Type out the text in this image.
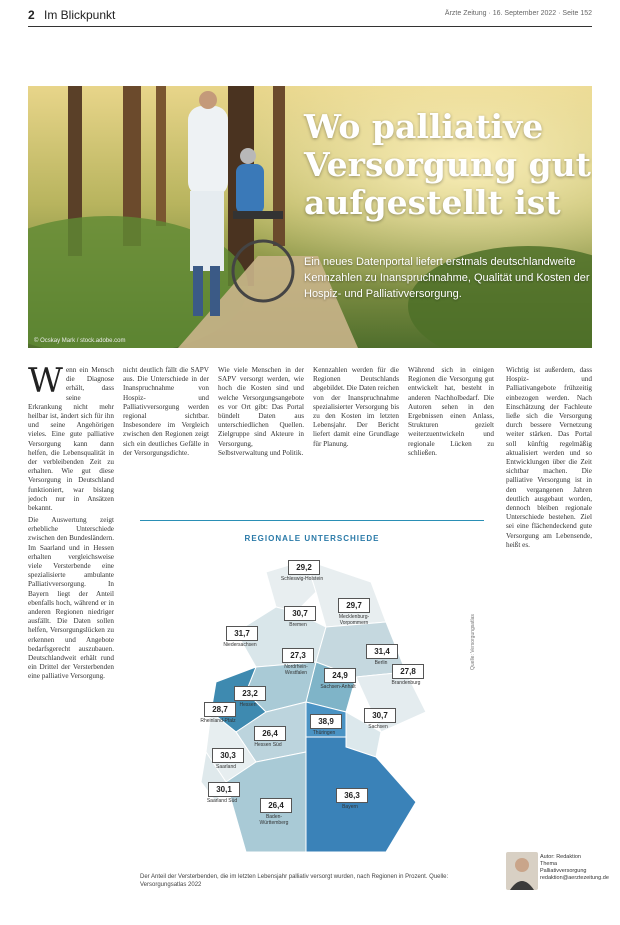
2 Im Blickpunkt	Ärzte Zeitung · 16. September 2022 · Seite 152
© Ocskay Mark / stock.adobe.com
Wo palliative Versorgung gut aufgestellt ist
Ein neues Datenportal liefert erstmals deutschlandweite Kennzahlen zu Inanspruchnahme, Qualität und Kosten der Hospiz- und Palliativversorgung.
W enn ein Mensch die Diagnose erhält, dass seine Erkrankung nicht mehr heilbar ist, ändert sich für ihn und seine Angehörigen vieles. Eine gute palliative Versorgung kann dann helfen, die Lebensqualität in der verbleibenden Zeit zu erhalten. Wie gut diese Versorgung in Deutschland funktioniert, war bislang jedoch nur in Ansätzen bekannt.
nicht deutlich fällt die SAPV aus. Die Unterschiede in der Inanspruchnahme von Hospiz- und Palliativversorgung werden regional sichtbar. Insbesondere im Vergleich zwischen den Regionen zeigt sich ein deutliches Gefälle in der Versorgungsdichte.
Wie viele Menschen in der SAPV versorgt werden, wie hoch die Kosten sind und welche Versorgungsangebote es vor Ort gibt: Das Portal bündelt Daten aus unterschiedlichen Quellen. Zielgruppe sind Akteure in Versorgung, Selbstverwaltung und Politik.
Kennzahlen werden für die Regionen Deutschlands abgebildet. Die Daten reichen von der Inanspruchnahme spezialisierter Versorgung bis zu den Kosten im letzten Lebensjahr. Der Bericht liefert damit eine Grundlage für Planung.
Während sich in einigen Regionen die Versorgung gut entwickelt hat, besteht in anderen Nachholbedarf. Die Autoren sehen in den Ergebnissen einen Anlass, Strukturen gezielt weiterzuentwickeln und regionale Lücken zu schließen.
Die Auswertung zeigt erhebliche Unterschiede zwischen den Bundesländern. Im Saarland und in Hessen erhalten vergleichsweise viele Versterbende eine spezialisierte ambulante Palliativversorgung. In Bayern liegt der Anteil ebenfalls hoch, während er in anderen Regionen niedriger ausfällt. Die Daten sollen helfen, Versorgungslücken zu erkennen und Angebote bedarfsgerecht auszubauen. Deutschlandweit erhält rund ein Drittel der Versterbenden eine palliative Versorgung.
Wichtig ist außerdem, dass Hospiz- und Palliativangebote frühzeitig einbezogen werden. Nach Einschätzung der Fachleute ließe sich die Versorgung durch bessere Vernetzung weiter stärken. Das Portal soll künftig regelmäßig aktualisiert werden und so Entwicklungen über die Zeit sichtbar machen. Die palliative Versorgung ist in den vergangenen Jahren deutlich ausgebaut worden, dennoch bleiben regionale Unterschiede bestehen. Ziel sei eine flächendeckend gute Versorgung am Lebensende, heißt es.
REGIONALE UNTERSCHIEDE
29,2
Schleswig-Holstein
29,7
Mecklenburg-Vorpommern
30,7
Bremen
31,7
Niedersachsen
31,4
Berlin
27,8
Brandenburg
24,9
Sachsen-Anhalt
27,3
Nordrhein-Westfalen
23,2
Hessen
28,7
Rheinland-Pfalz	38,9
Thüringen
30,7
Sachsen
26,4
Hessen Süd
30,3
Saarland
30,1
Saarland Süd	26,4
Baden-Württemberg
36,3
Bayern
Quelle: Versorgungsatlas
Der Anteil der Versterbenden, die im letzten Lebensjahr palliativ versorgt wurden, nach Regionen in Prozent. Quelle: Versorgungsatlas 2022
Autor: Redaktion
Thema Palliativversorgung
redaktion@aerztezeitung.de
